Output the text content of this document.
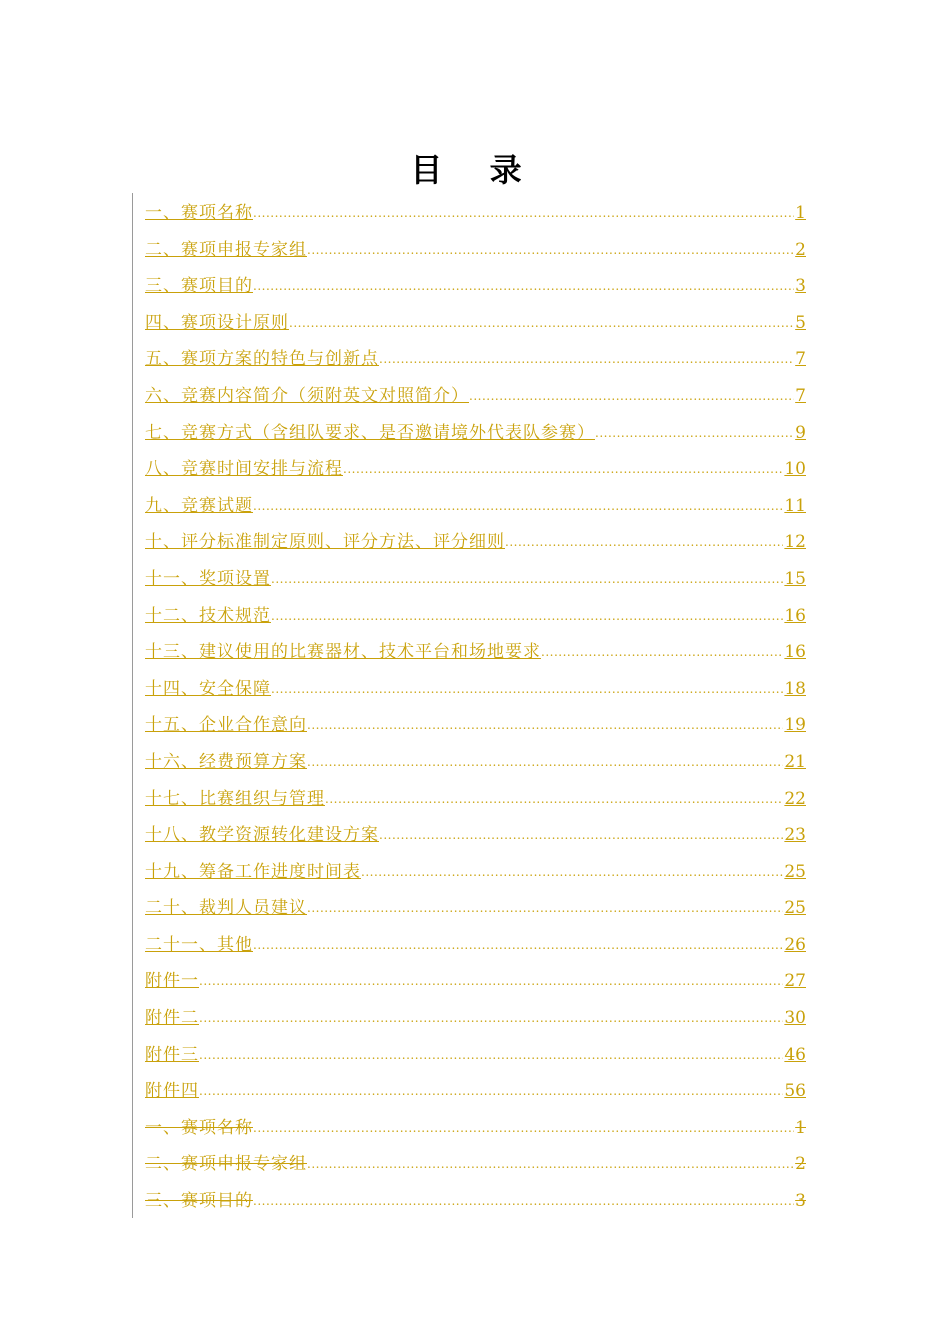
目 录
一、赛项名称 .....	1
二、赛项申报专家组 .....	2
三、赛项目的 .....	3
四、赛项设计原则 .....	5
五、赛项方案的特色与创新点 .....	7
六、竞赛内容简介（须附英文对照简介） .....	7
七、竞赛方式（含组队要求、是否邀请境外代表队参赛） .....	9
八、竞赛时间安排与流程 .....	10
九、竞赛试题 .....	11
十、评分标准制定原则、评分方法、评分细则 .....	12
十一、奖项设置 .....	15
十二、技术规范 .....	16
十三、建议使用的比赛器材、技术平台和场地要求 .....	16
十四、安全保障 .....	18
十五、企业合作意向 .....	19
十六、经费预算方案 .....	21
十七、比赛组织与管理 .....	22
十八、教学资源转化建设方案 .....	23
十九、筹备工作进度时间表 .....	25
二十、裁判人员建议 .....	25
二十一、其他 .....	26
附件一 .....	27
附件二 .....	30
附件三 .....	46
附件四 .....	56
一、赛项名称 .....	1
二、赛项申报专家组 .....	2
三、赛项目的 .....	3
